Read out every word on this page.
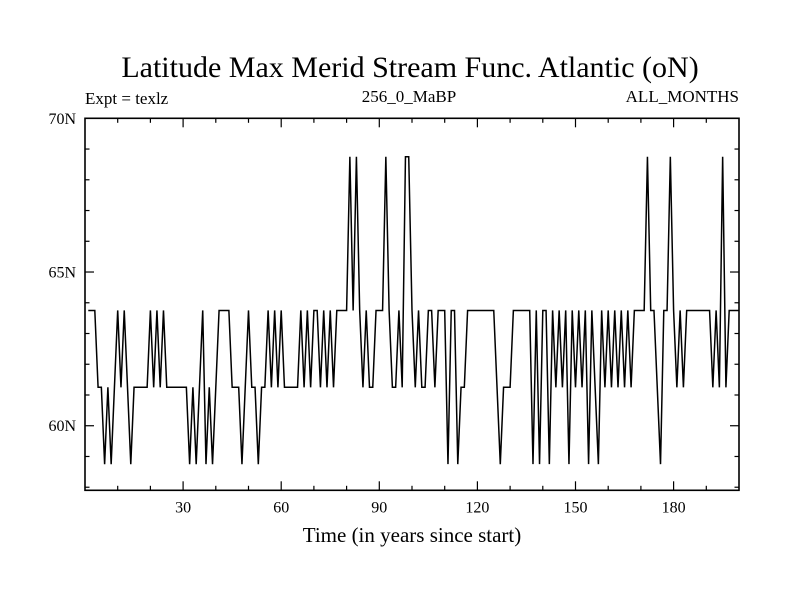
Latitude Max Merid Stream Func. Atlantic (oN)
Expt = texlz	256_0_MaBP	ALL_MONTHS
30	60	90	120	150	180
60N
65N
70N
Time (in years since start)
